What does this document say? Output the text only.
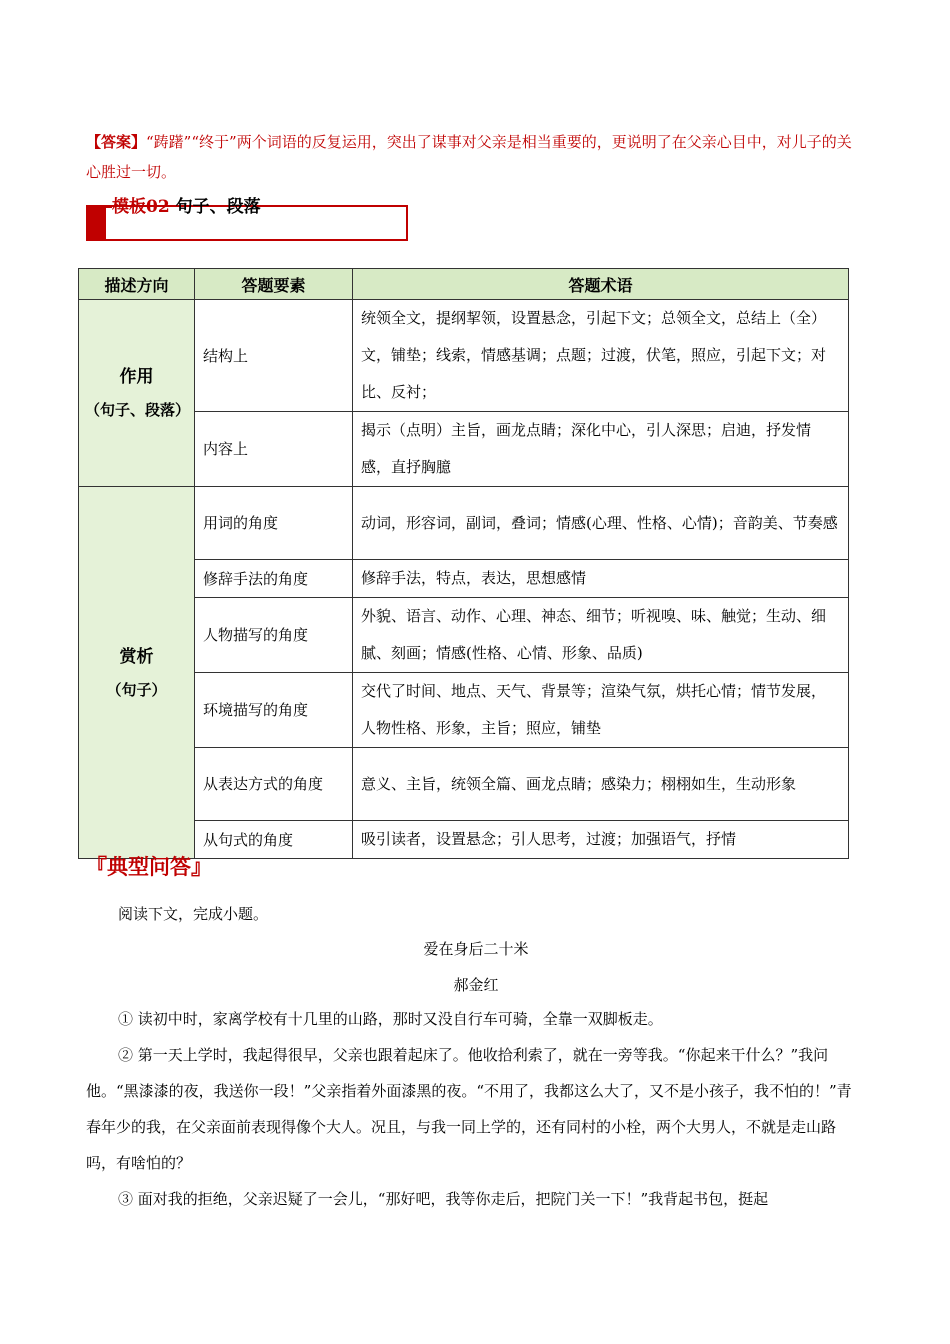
【答案】“踌躇”“终于”两个词语的反复运用，突出了谋事对父亲是相当重要的，更说明了在父亲心目中，对儿子的关心胜过一切。
模板02 句子、段落
描述方向	答题要素	答题术语

作用
（句子、段落）	结构上	统领全文，提纲挈领，设置悬念，引起下文；总领全文，总结上（全）文，铺垫；线索，情感基调；点题；过渡，伏笔，照应，引起下文；对比、反衬；
	内容上	揭示（点明）主旨，画龙点睛；深化中心，引人深思；启迪，抒发情感，直抒胸臆

赏析
（句子）	用词的角度	动词，形容词，副词，叠词；情感(心理、性格、心情)；音韵美、节奏感
	修辞手法的角度	修辞手法，特点，表达，思想感情
	人物描写的角度	外貌、语言、动作、心理、神态、细节；听视嗅、味、触觉；生动、细腻、刻画；情感(性格、心情、形象、品质)
	环境描写的角度	交代了时间、地点、天气、背景等；渲染气氛，烘托心情；情节发展，人物性格、形象，主旨；照应，铺垫
	从表达方式的角度	意义、主旨，统领全篇、画龙点睛；感染力；栩栩如生，生动形象
	从句式的角度	吸引读者，设置悬念；引人思考，过渡；加强语气，抒情
『典型问答』
阅读下文，完成小题。
爱在身后二十米
郝金红
① 读初中时，家离学校有十几里的山路，那时又没自行车可骑，全靠一双脚板走。
② 第一天上学时，我起得很早，父亲也跟着起床了。他收拾利索了，就在一旁等我。“你起来干什么？”我问他。“黑漆漆的夜，我送你一段！”父亲指着外面漆黑的夜。“不用了，我都这么大了，又不是小孩子，我不怕的！”青春年少的我，在父亲面前表现得像个大人。况且，与我一同上学的，还有同村的小栓，两个大男人，不就是走山路吗，有啥怕的？
③ 面对我的拒绝，父亲迟疑了一会儿，“那好吧，我等你走后，把院门关一下！”我背起书包，挺起
